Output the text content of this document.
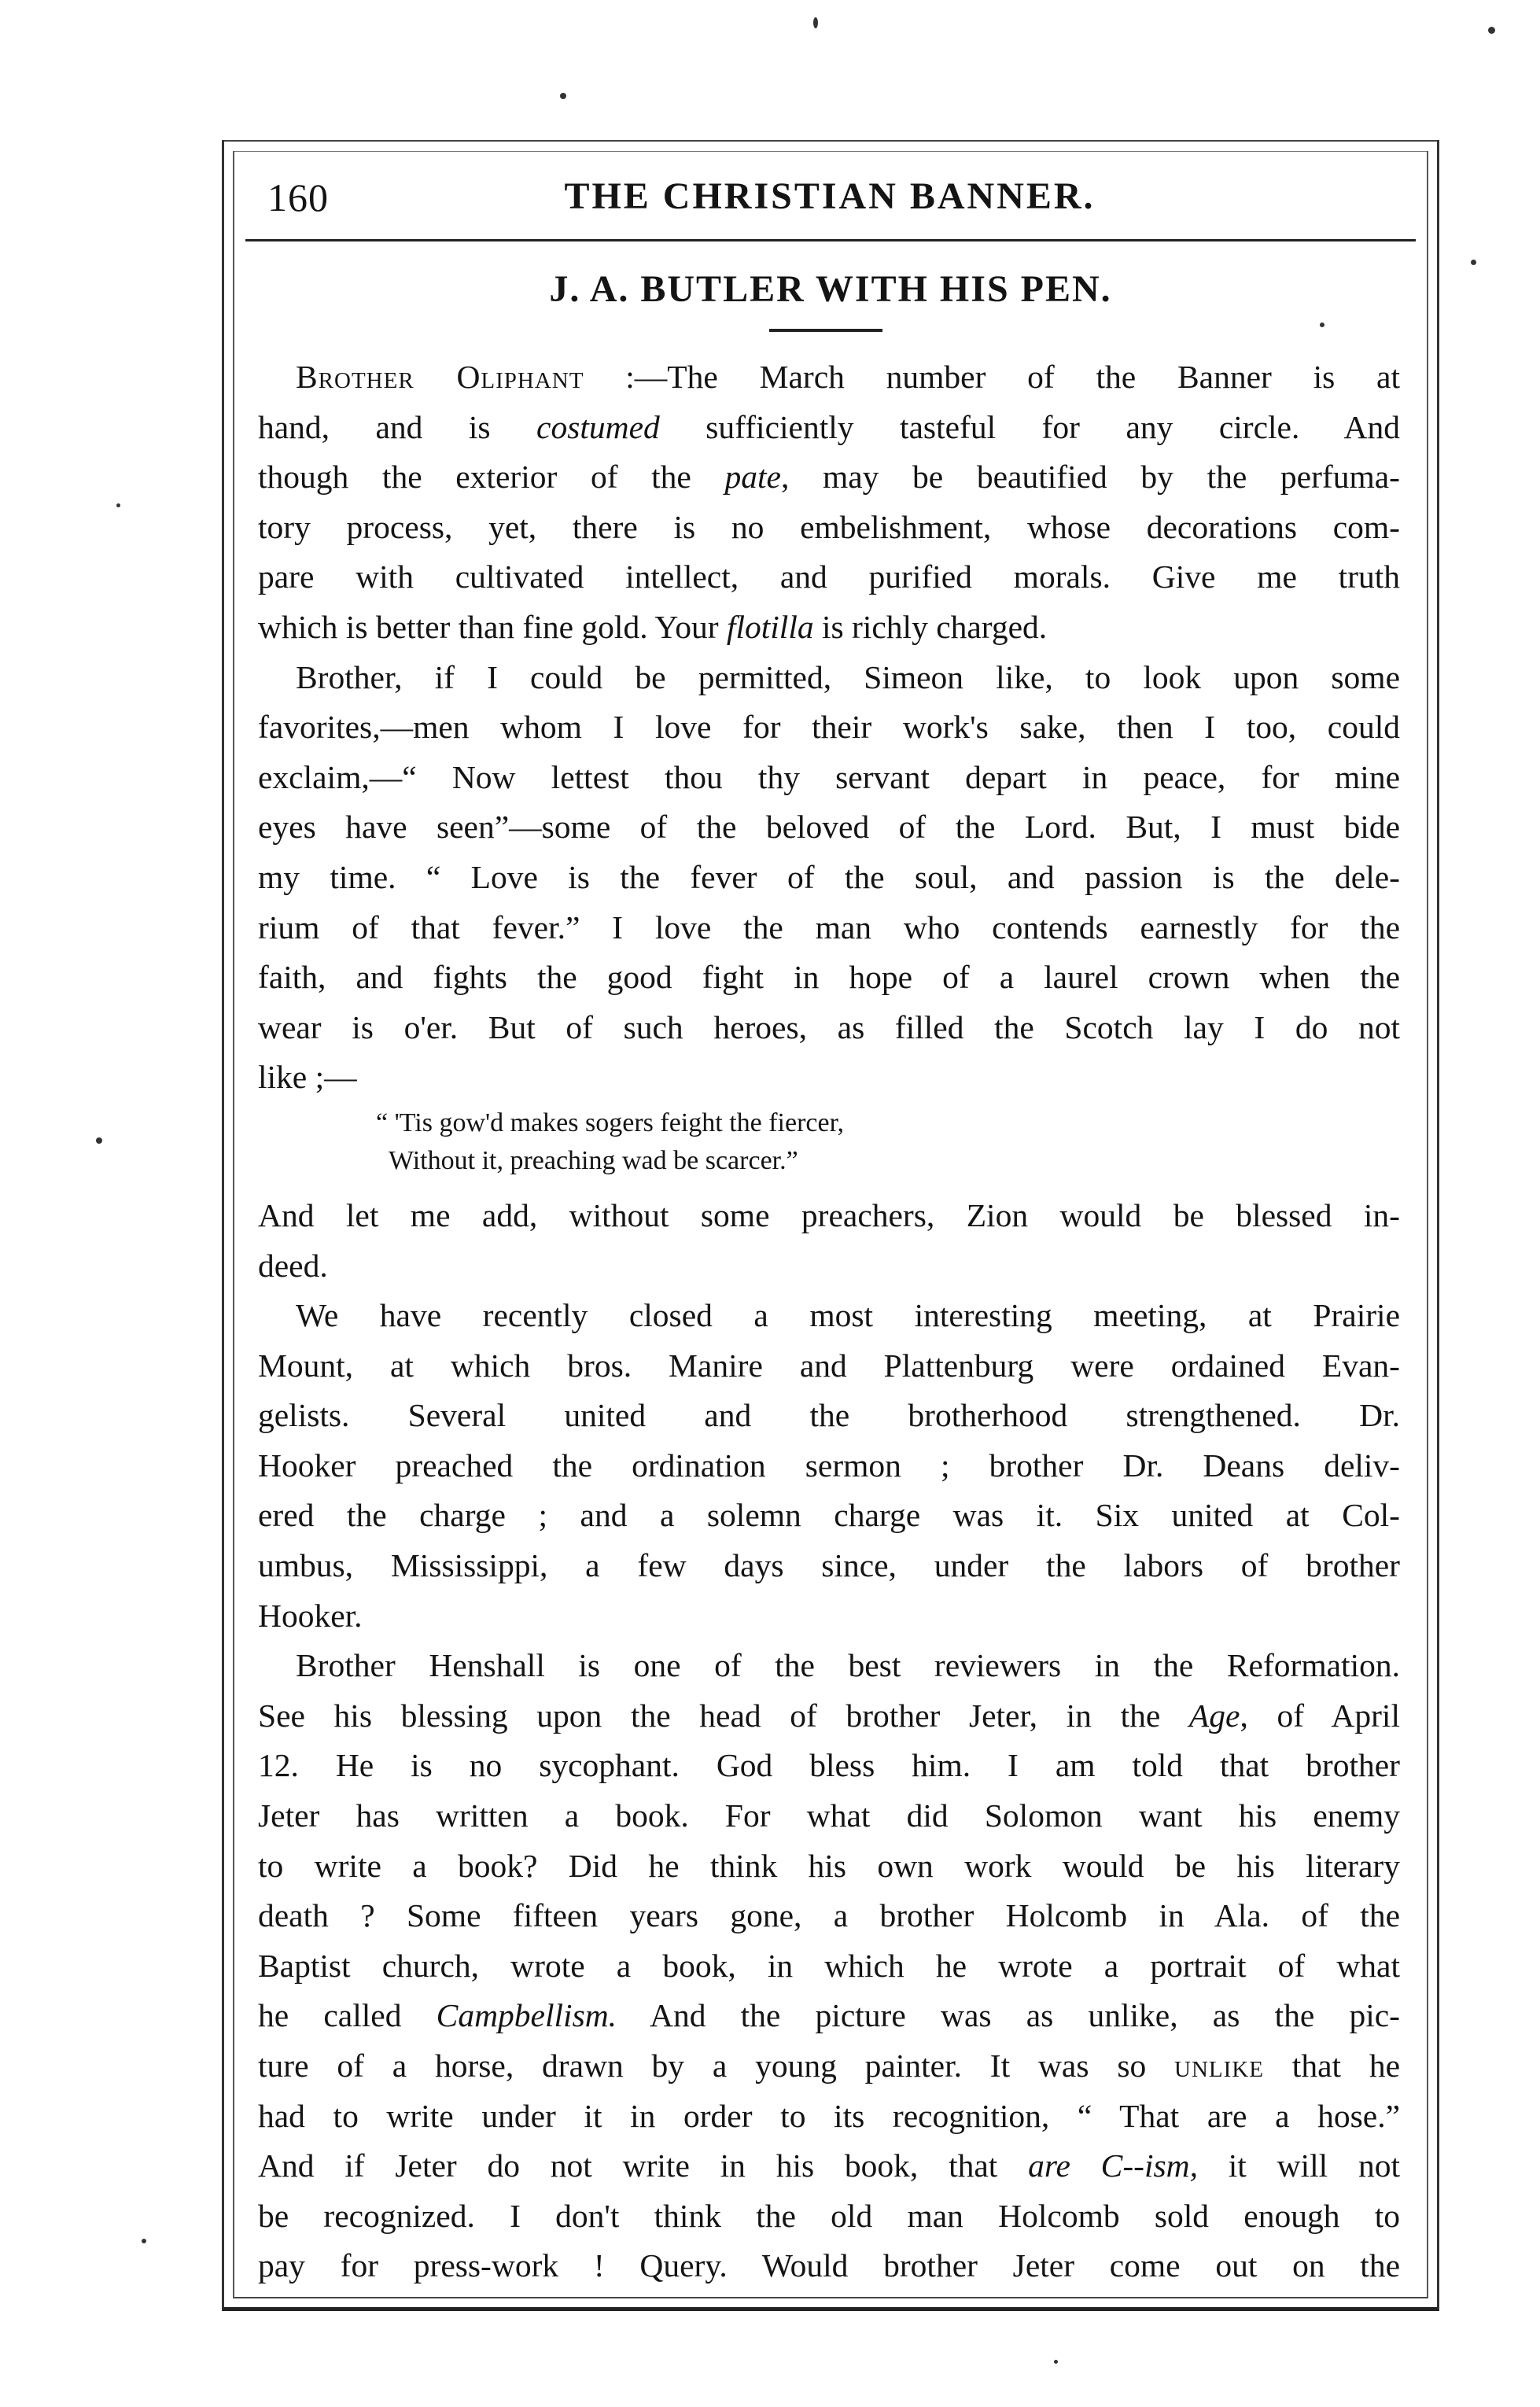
160	THE CHRISTIAN BANNER.
J. A. BUTLER WITH HIS PEN.
Brother Oliphant :—The March number of the Banner is at
hand, and is costumed sufficiently tasteful for any circle. And
though the exterior of the pate, may be beautified by the perfuma-
tory process, yet, there is no embelishment, whose decorations com-
pare with cultivated intellect, and purified morals. Give me truth
which is better than fine gold. Your flotilla is richly charged.
Brother, if I could be permitted, Simeon like, to look upon some
favorites,—men whom I love for their work's sake, then I too, could
exclaim,—“ Now lettest thou thy servant depart in peace, for mine
eyes have seen”—some of the beloved of the Lord. But, I must bide
my time. “ Love is the fever of the soul, and passion is the dele-
rium of that fever.” I love the man who contends earnestly for the
faith, and fights the good fight in hope of a laurel crown when the
wear is o'er. But of such heroes, as filled the Scotch lay I do not
like ;—
“ 'Tis gow'd makes sogers feight the fiercer,
Without it, preaching wad be scarcer.”
And let me add, without some preachers, Zion would be blessed in-
deed.
We have recently closed a most interesting meeting, at Prairie
Mount, at which bros. Manire and Plattenburg were ordained Evan-
gelists. Several united and the brotherhood strengthened. Dr.
Hooker preached the ordination sermon ; brother Dr. Deans deliv-
ered the charge ; and a solemn charge was it. Six united at Col-
umbus, Mississippi, a few days since, under the labors of brother
Hooker.
Brother Henshall is one of the best reviewers in the Reformation.
See his blessing upon the head of brother Jeter, in the Age, of April
12. He is no sycophant. God bless him. I am told that brother
Jeter has written a book. For what did Solomon want his enemy
to write a book? Did he think his own work would be his literary
death ? Some fifteen years gone, a brother Holcomb in Ala. of the
Baptist church, wrote a book, in which he wrote a portrait of what
he called Campbellism. And the picture was as unlike, as the pic-
ture of a horse, drawn by a young painter. It was so unlike that he
had to write under it in order to its recognition, “ That are a hose.”
And if Jeter do not write in his book, that are C--ism, it will not
be recognized. I don't think the old man Holcomb sold enough to
pay for press-work ! Query. Would brother Jeter come out on the
